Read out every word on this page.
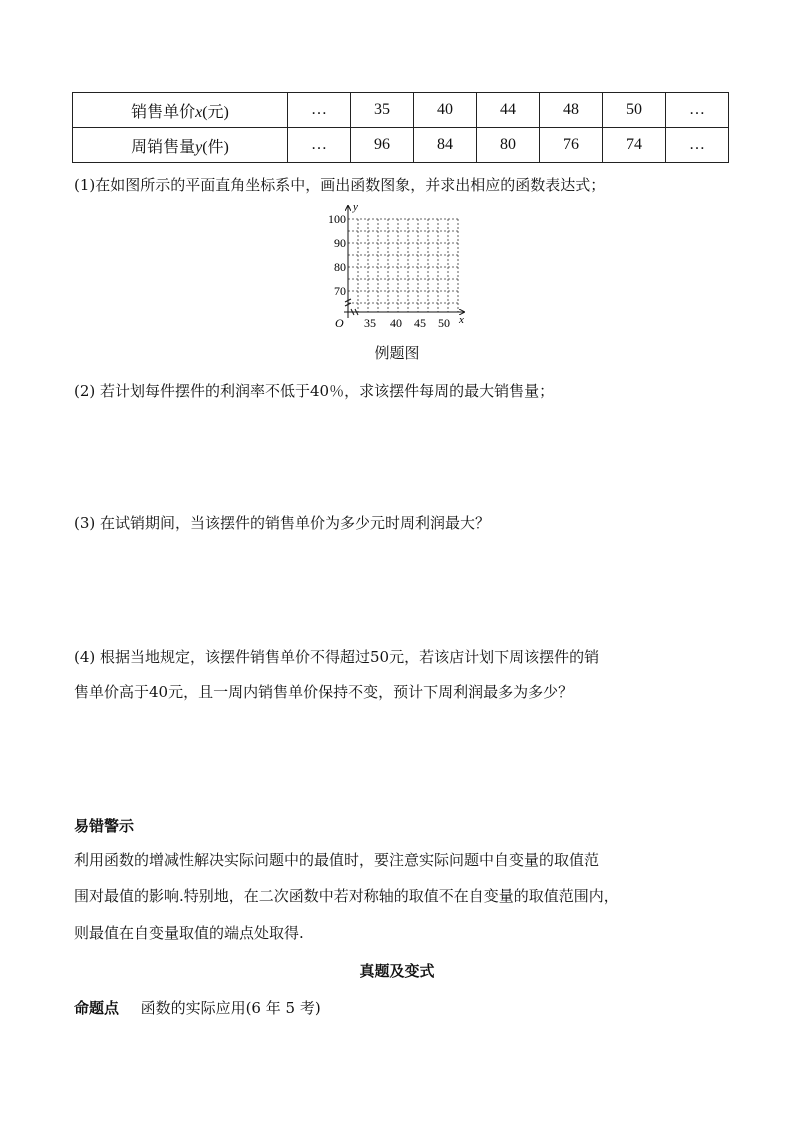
销售单价x(元)	…	35	40	44	48	50	…
周销售量y(件)	…	96	84	80	76	74	…
(1)在如图所示的平面直角坐标系中，画出函数图象，并求出相应的函数表达式；
y
x
O
100
90
80
70
35 40 45 50
例题图
(2) 若计划每件摆件的利润率不低于40％，求该摆件每周的最大销售量；
(3) 在试销期间，当该摆件的销售单价为多少元时周利润最大？
(4) 根据当地规定，该摆件销售单价不得超过50元，若该店计划下周该摆件的销
售单价高于40元，且一周内销售单价保持不变，预计下周利润最多为多少？
易错警示
利用函数的增减性解决实际问题中的最值时，要注意实际问题中自变量的取值范
围对最值的影响.特别地，在二次函数中若对称轴的取值不在自变量的取值范围内，
则最值在自变量取值的端点处取得.
真题及变式
命题点 函数的实际应用(6 年 5 考)
